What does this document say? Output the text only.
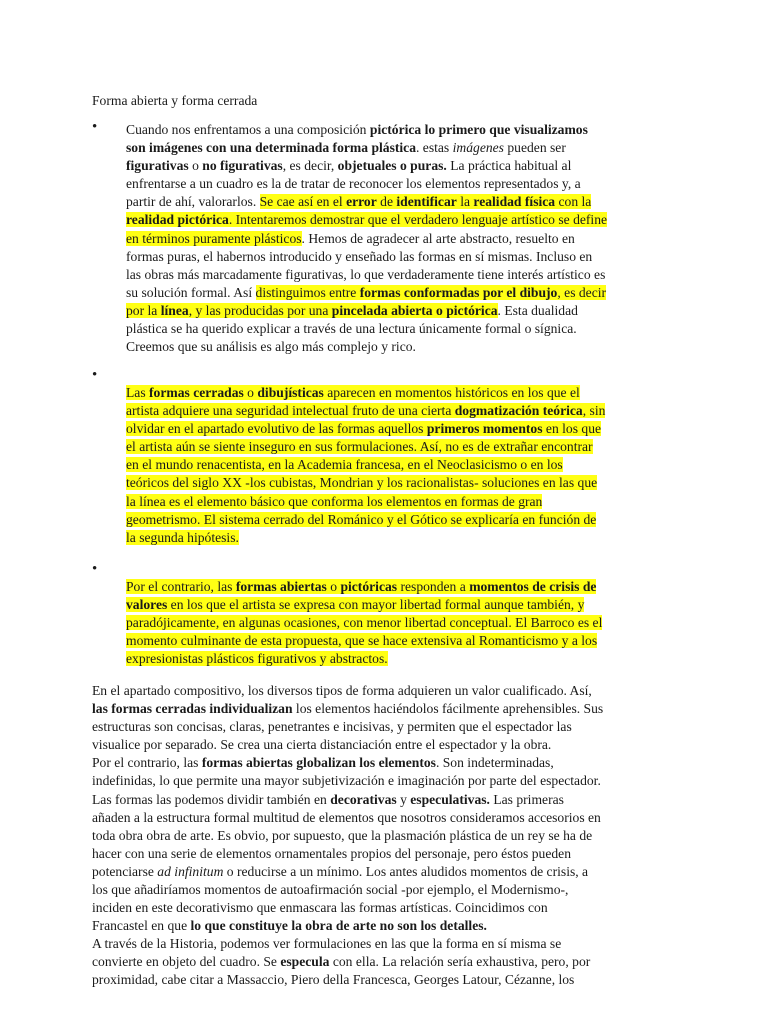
Forma abierta y forma cerrada
• Cuando nos enfrentamos a una composición pictórica lo primero que visualizamos
son imágenes con una determinada forma plástica. estas imágenes pueden ser
figurativas o no figurativas, es decir, objetuales o puras. La práctica habitual al
enfrentarse a un cuadro es la de tratar de reconocer los elementos representados y, a
partir de ahí, valorarlos. Se cae así en el error de identificar la realidad física con la
realidad pictórica. Intentaremos demostrar que el verdadero lenguaje artístico se define
en términos puramente plásticos. Hemos de agradecer al arte abstracto, resuelto en
formas puras, el habernos introducido y enseñado las formas en sí mismas. Incluso en
las obras más marcadamente figurativas, lo que verdaderamente tiene interés artístico es
su solución formal. Así distinguimos entre formas conformadas por el dibujo, es decir
por la línea, y las producidas por una pincelada abierta o pictórica. Esta dualidad
plástica se ha querido explicar a través de una lectura únicamente formal o sígnica.
Creemos que su análisis es algo más complejo y rico.
•
Las formas cerradas o dibujísticas aparecen en momentos históricos en los que el
artista adquiere una seguridad intelectual fruto de una cierta dogmatización teórica, sin
olvidar en el apartado evolutivo de las formas aquellos primeros momentos en los que
el artista aún se siente inseguro en sus formulaciones. Así, no es de extrañar encontrar
en el mundo renacentista, en la Academia francesa, en el Neoclasicismo o en los
teóricos del siglo XX -los cubistas, Mondrian y los racionalistas- soluciones en las que
la línea es el elemento básico que conforma los elementos en formas de gran
geometrismo. El sistema cerrado del Románico y el Gótico se explicaría en función de
la segunda hipótesis.
•
Por el contrario, las formas abiertas o pictóricas responden a momentos de crisis de
valores en los que el artista se expresa con mayor libertad formal aunque también, y
paradójicamente, en algunas ocasiones, con menor libertad conceptual. El Barroco es el
momento culminante de esta propuesta, que se hace extensiva al Romanticismo y a los
expresionistas plásticos figurativos y abstractos.
En el apartado compositivo, los diversos tipos de forma adquieren un valor cualificado. Así,
las formas cerradas individualizan los elementos haciéndolos fácilmente aprehensibles. Sus
estructuras son concisas, claras, penetrantes e incisivas, y permiten que el espectador las
visualice por separado. Se crea una cierta distanciación entre el espectador y la obra.
Por el contrario, las formas abiertas globalizan los elementos. Son indeterminadas,
indefinidas, lo que permite una mayor subjetivización e imaginación por parte del espectador.
Las formas las podemos dividir también en decorativas y especulativas. Las primeras
añaden a la estructura formal multitud de elementos que nosotros consideramos accesorios en
toda obra obra de arte. Es obvio, por supuesto, que la plasmación plástica de un rey se ha de
hacer con una serie de elementos ornamentales propios del personaje, pero éstos pueden
potenciarse ad infinitum o reducirse a un mínimo. Los antes aludidos momentos de crisis, a
los que añadiríamos momentos de autoafirmación social -por ejemplo, el Modernismo-,
inciden en este decorativismo que enmascara las formas artísticas. Coincidimos con
Francastel en que lo que constituye la obra de arte no son los detalles.
A través de la Historia, podemos ver formulaciones en las que la forma en sí misma se
convierte en objeto del cuadro. Se especula con ella. La relación sería exhaustiva, pero, por
proximidad, cabe citar a Massaccio, Piero della Francesca, Georges Latour, Cézanne, los
